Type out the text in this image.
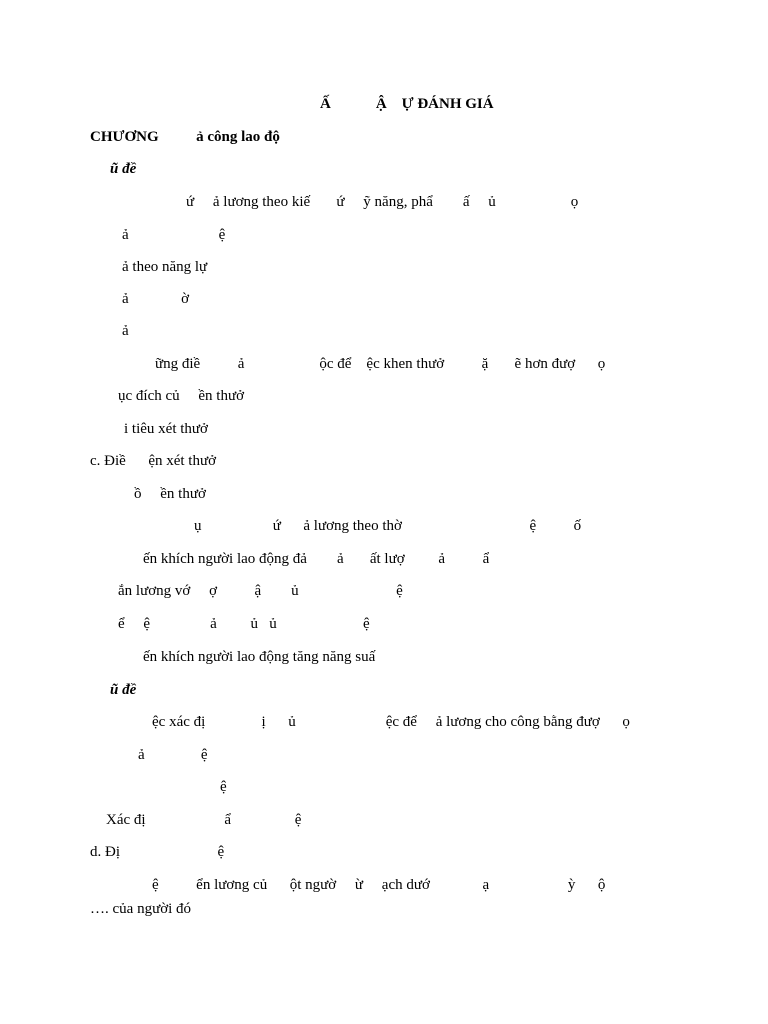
Ấ            Ậ    Ự ĐÁNH GIÁ
CHƯƠNG          ả công lao độ
ũ đề
ứ     ả lương theo kiế       ứ     ỹ năng, phẩ        ấ     ủ                    ọ
ả                        ệ
ả theo năng lự
ả              ờ
ả
ững điề          ả                    ộc để    ệc khen thưở          ặ       ẽ hơn đượ      ọ
ục đích củ     ền thưở
i tiêu xét thưở
c. Điề      ện xét thưở
ồ     ền thưở
ụ                   ứ      ả lương theo thờ                                  ệ          ố
ến khích người lao động đả        ả       ất lượ         ả          ẩ
ắn lương vớ     ợ          ậ        ủ                          ệ
ể     ệ                ả         ủ   ủ                       ệ
ến khích người lao động tăng năng suấ
ũ đề
ệc xác đị               ị      ủ                        ệc để     ả lương cho công bằng đượ      ọ
ả               ệ
ệ
Xác đị                     ẩ                 ệ
d. Đị                          ệ
ệ          ển lương củ      ột ngườ     ừ     ạch dướ              ạ                     ỳ      ộ
…. của người đó
